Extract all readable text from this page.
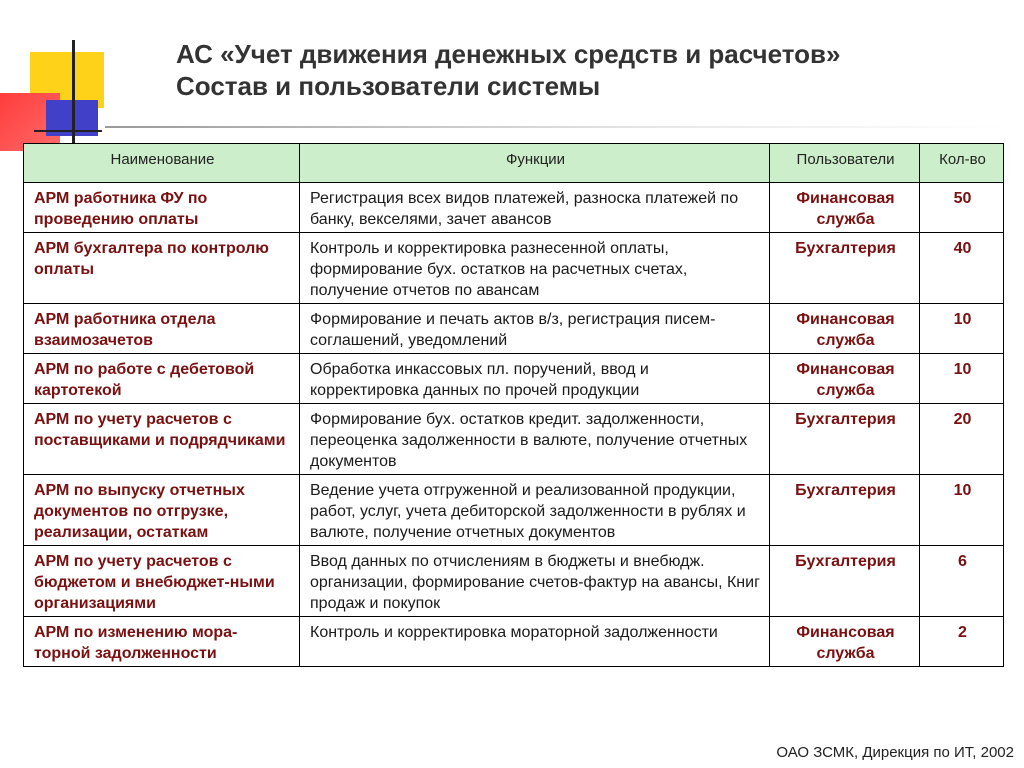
АС «Учет движения денежных средств и расчетов»
Состав и пользователи системы
Наименование	Функции	Пользователи	Кол-во
АРМ работника ФУ по проведению оплаты	Регистрация всех видов платежей, разноска платежей по банку, векселями, зачет авансов	Финансовая служба	50
АРМ бухгалтера по контролю оплаты	Контроль и корректировка разнесенной оплаты, формирование бух. остатков на расчетных счетах, получение отчетов по авансам	Бухгалтерия	40
АРМ работника отдела взаимозачетов	Формирование и печать актов в/з, регистрация писем-соглашений, уведомлений	Финансовая служба	10
АРМ по работе с дебетовой картотекой	Обработка инкассовых пл. поручений, ввод и корректировка данных по прочей продукции	Финансовая служба	10
АРМ по учету расчетов с поставщиками и подрядчиками	Формирование бух. остатков кредит. задолженности, переоценка задолженности в валюте, получение отчетных документов	Бухгалтерия	20
АРМ по выпуску отчетных документов по отгрузке, реализации, остаткам	Ведение учета отгруженной и реализованной продукции, работ, услуг, учета дебиторской задолженности в рублях и валюте, получение отчетных документов	Бухгалтерия	10
АРМ по учету расчетов с бюджетом и внебюджет-ными организациями	Ввод данных по отчислениям в бюджеты и внебюдж. организации, формирование счетов-фактур на авансы, Книг продаж и покупок	Бухгалтерия	6
АРМ по изменению мора-торной задолженности	Контроль и корректировка мораторной задолженности	Финансовая служба	2
ОАО ЗСМК, Дирекция по ИТ, 2002
